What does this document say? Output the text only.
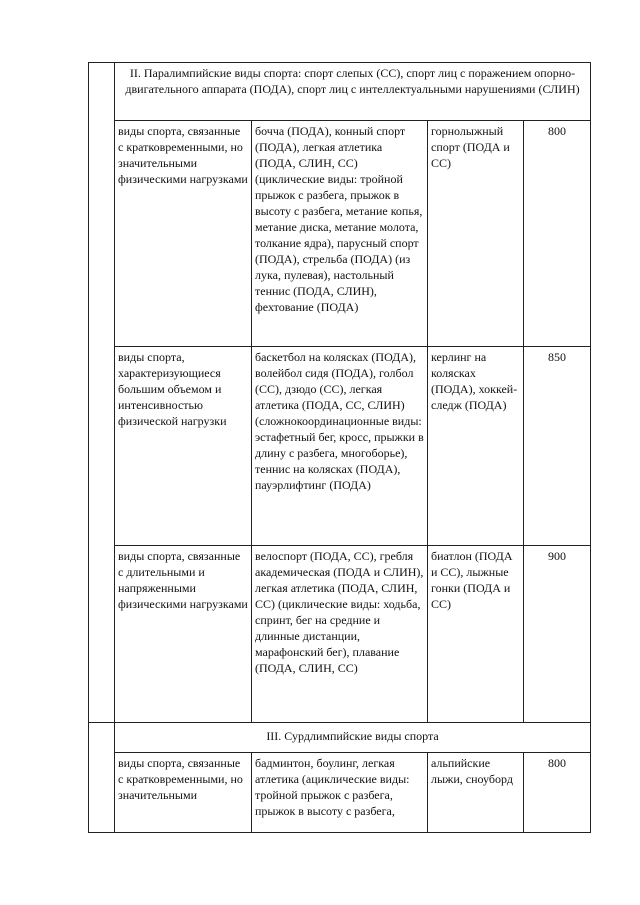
	II. Паралимпийские виды спорта: спорт слепых (СС), спорт лиц с поражением опорно-двигательного аппарата (ПОДА), спорт лиц с интеллектуальными нарушениями (СЛИН)			
	виды спорта, связанные с кратковременными, но значительными физическими нагрузками	бочча (ПОДА), конный спорт (ПОДА), легкая атлетика (ПОДА, СЛИН, СС) (циклические виды: тройной прыжок с разбега, прыжок в высоту с разбега, метание копья, метание диска, метание молота, толкание ядра), парусный спорт (ПОДА), стрельба (ПОДА) (из лука, пулевая), настольный теннис (ПОДА, СЛИН), фехтование (ПОДА)	горнолыжный спорт (ПОДА и СС)	800
	виды спорта, характеризующиеся большим объемом и интенсивностью физической нагрузки	баскетбол на колясках (ПОДА), волейбол сидя (ПОДА), голбол (СС), дзюдо (СС), легкая атлетика (ПОДА, СС, СЛИН) (сложнокоординационные виды: эстафетный бег, кросс, прыжки в длину с разбега, многоборье), теннис на колясках (ПОДА), пауэрлифтинг (ПОДА)	керлинг на колясках (ПОДА), хоккей-следж (ПОДА)	850
	виды спорта, связанные с длительными и напряженными физическими нагрузками	велоспорт (ПОДА, СС), гребля академическая (ПОДА и СЛИН), легкая атлетика (ПОДА, СЛИН, СС) (циклические виды: ходьба, спринт, бег на средние и длинные дистанции, марафонский бег), плавание (ПОДА, СЛИН, СС)	биатлон (ПОДА и СС), лыжные гонки (ПОДА и СС)	900
	III. Сурдлимпийские виды спорта			
	виды спорта, связанные с кратковременными, но значительными	бадминтон, боулинг, легкая атлетика (ациклические виды: тройной прыжок с разбега, прыжок в высоту с разбега,	альпийские лыжи, сноуборд	800
